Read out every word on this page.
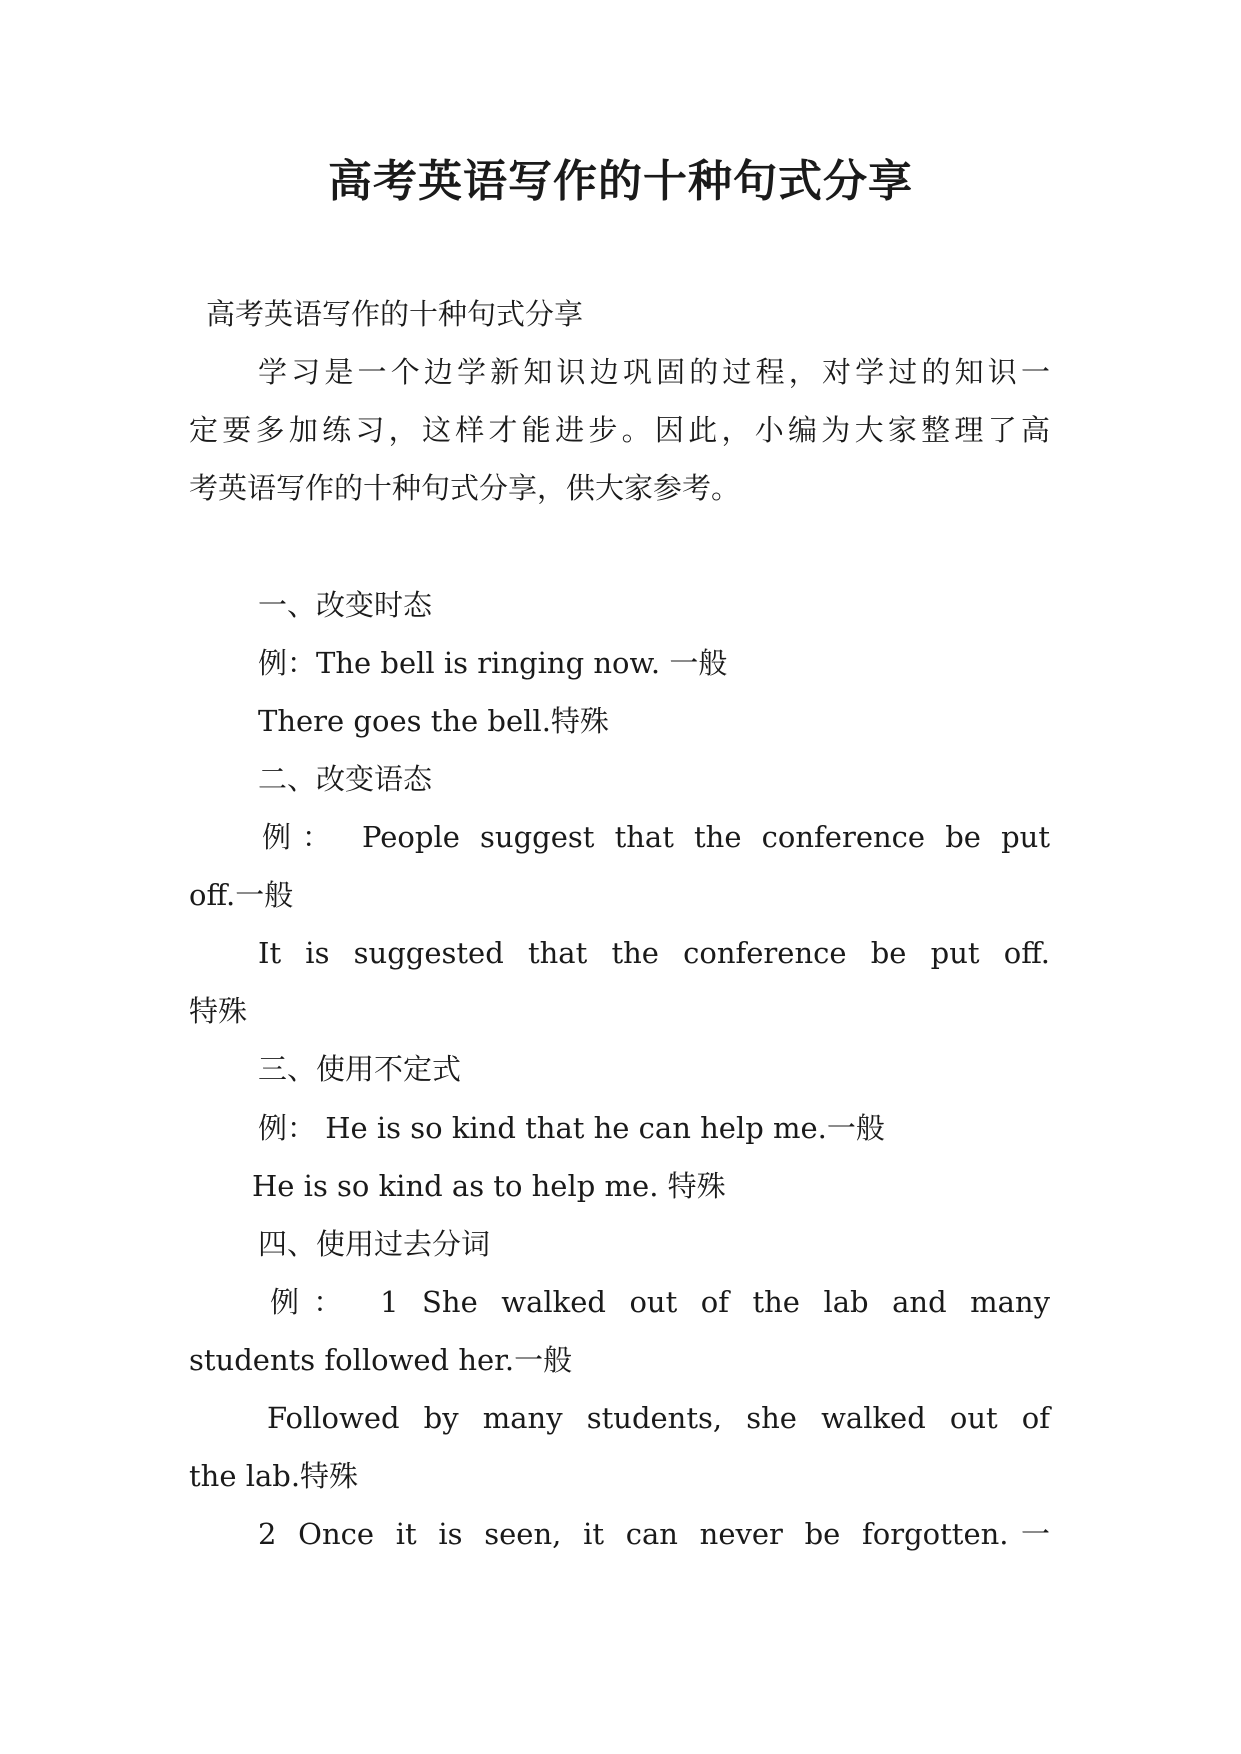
高考英语写作的十种句式分享

高考英语写作的十种句式分享

学习是一个边学新知识边巩固的过程，对学过的知识一

定要多加练习，这样才能进步。因此，小编为大家整理了高

考英语写作的十种句式分享，供大家参考。

一、改变时态

例：The bell is ringing now. 一般

There goes the bell.特殊

二、改变语态

例： People suggest that the conference be put

off.一般

It is suggested that the conference be put off.

特殊

三、使用不定式

例： He is so kind that he can help me.一般

He is so kind as to help me. 特殊

四、使用过去分词

例： 1 She walked out of the lab and many

students followed her.一般

Followed by many students, she walked out of

the lab.特殊

2 Once it is seen, it can never be forgotten.一
